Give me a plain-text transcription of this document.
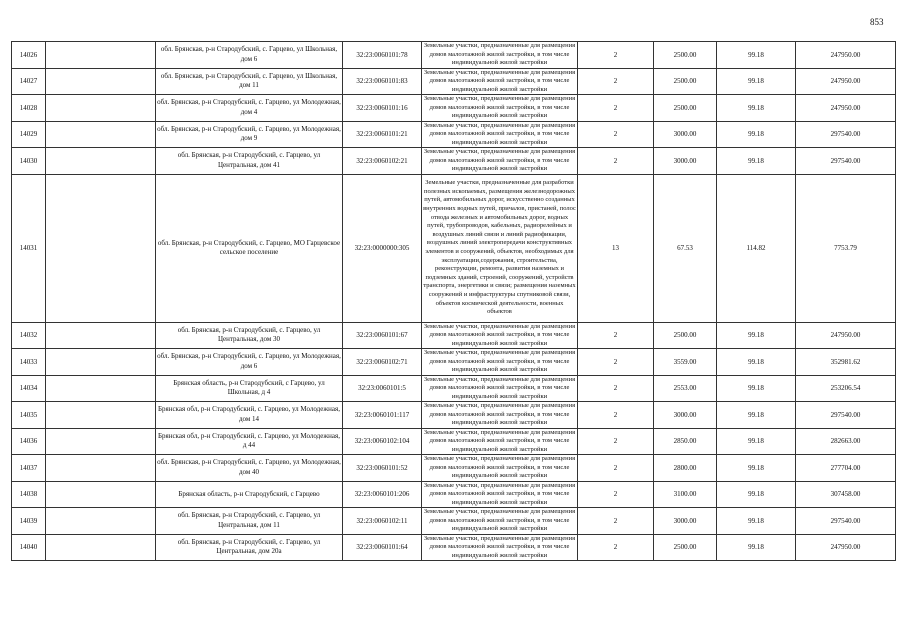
853
14026		обл. Брянская, р-н Стародубский, с. Гарцево, ул Школьная, дом 6	32:23:0060101:78	Земельные участки, предназначенные для размещения домов малоэтажной жилой застройки, в том числе индивидуальной жилой застройки	2	2500.00	99.18	247950.00
14027		обл. Брянская, р-н Стародубский, с. Гарцево, ул Школьная, дом 11	32:23:0060101:83	Земельные участки, предназначенные для размещения домов малоэтажной жилой застройки, в том числе индивидуальной жилой застройки	2	2500.00	99.18	247950.00
14028		обл. Брянская, р-н Стародубский, с. Гарцево, ул Молодежная, дом 4	32:23:0060101:16	Земельные участки, предназначенные для размещения домов малоэтажной жилой застройки, в том числе индивидуальной жилой застройки	2	2500.00	99.18	247950.00
14029		обл. Брянская, р-н Стародубский, с. Гарцево, ул Молодежная, дом 9	32:23:0060101:21	Земельные участки, предназначенные для размещения домов малоэтажной жилой застройки, в том числе индивидуальной жилой застройки	2	3000.00	99.18	297540.00
14030		обл. Брянская, р-н Стародубский, с. Гарцево, ул Центральная, дом 41	32:23:0060102:21	Земельные участки, предназначенные для размещения домов малоэтажной жилой застройки, в том числе индивидуальной жилой застройки	2	3000.00	99.18	297540.00
14031		обл. Брянская, р-н Стародубский, с. Гарцево, МО Гарцевское сельское поселение	32:23:0000000:305	Земельные участки, предназначенные для разработки полезных ископаемых, размещения железнодорожных путей, автомобильных дорог, искусственно созданных внутренних водных путей, причалов, пристаней, полос отвода железных и автомобильных дорог, водных путей, трубопроводов, кабельных, радиорелейных и воздушных линий связи и линий радиофикации, воздушных линий электропередачи конструктивных элементов и сооружений, объектов, необходимых для эксплуатации,содержания, строительства, реконструкции, ремонта, развития наземных и подземных зданий, строений, сооружений, устройств транспорта, энергетики и связи; размещения наземных сооружений и инфраструктуры спутниковой связи, объектов космической деятельности, военных объектов	13	67.53	114.82	7753.79
14032		обл. Брянская, р-н Стародубский, с. Гарцево, ул Центральная, дом 30	32:23:0060101:67	Земельные участки, предназначенные для размещения домов малоэтажной жилой застройки, в том числе индивидуальной жилой застройки	2	2500.00	99.18	247950.00
14033		обл. Брянская, р-н Стародубский, с. Гарцево, ул Молодежная, дом 6	32:23:0060102:71	Земельные участки, предназначенные для размещения домов малоэтажной жилой застройки, в том числе индивидуальной жилой застройки	2	3559.00	99.18	352981.62
14034		Брянская область, р-н Стародубский, с Гарцево, ул Школьная, д 4	32:23:0060101:5	Земельные участки, предназначенные для размещения домов малоэтажной жилой застройки, в том числе индивидуальной жилой застройки	2	2553.00	99.18	253206.54
14035		Брянская обл, р-н Стародубский, с. Гарцево, ул Молодежная, дом 14	32:23:0060101:117	Земельные участки, предназначенные для размещения домов малоэтажной жилой застройки, в том числе индивидуальной жилой застройки	2	3000.00	99.18	297540.00
14036		Брянская обл, р-н Стародубский, с. Гарцево, ул Молодежная, д 44	32:23:0060102:104	Земельные участки, предназначенные для размещения домов малоэтажной жилой застройки, в том числе индивидуальной жилой застройки	2	2850.00	99.18	282663.00
14037		обл. Брянская, р-н Стародубский, с. Гарцево, ул Молодежная, дом 40	32:23:0060101:52	Земельные участки, предназначенные для размещения домов малоэтажной жилой застройки, в том числе индивидуальной жилой застройки	2	2800.00	99.18	277704.00
14038		Брянская область, р-н Стародубский, с Гарцево	32:23:0060101:206	Земельные участки, предназначенные для размещения домов малоэтажной жилой застройки, в том числе индивидуальной жилой застройки	2	3100.00	99.18	307458.00
14039		обл. Брянская, р-н Стародубский, с. Гарцево, ул Центральная, дом 11	32:23:0060102:11	Земельные участки, предназначенные для размещения домов малоэтажной жилой застройки, в том числе индивидуальной жилой застройки	2	3000.00	99.18	297540.00
14040		обл. Брянская, р-н Стародубский, с. Гарцево, ул Центральная, дом 20а	32:23:0060101:64	Земельные участки, предназначенные для размещения домов малоэтажной жилой застройки, в том числе индивидуальной жилой застройки	2	2500.00	99.18	247950.00
